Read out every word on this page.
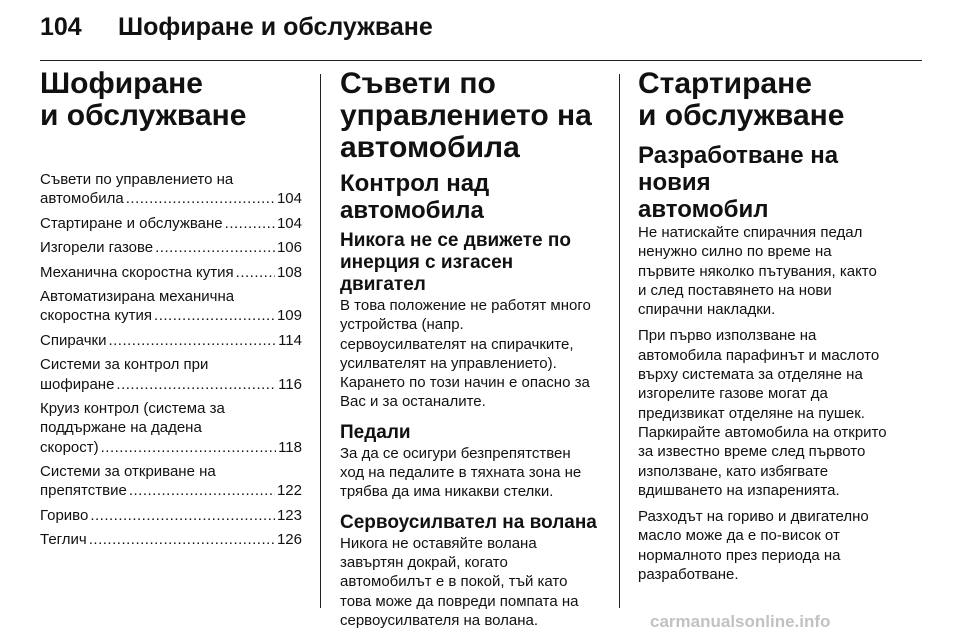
104	Шофиране и обслужване
Шофиране
и обслужване
Съвети по управлението на
автомобила .....	104
Стартиране и обслужване .....	104
Изгорели газове .....	106
Механична скоростна кутия .....	108
Автоматизирана механична
скоростна кутия .....	109
Спирачки .....	114
Системи за контрол при
шофиране .....	116
Круиз контрол (система за
поддържане на дадена
скорост) .....	118
Системи за откриване на
препятствие .....	122
Гориво .....	123
Теглич .....	126
Съвети по
управлението на
автомобила
Контрол над автомобила
Никога не се движете по
инерция с изгасен двигател

В това положение не работят много
устройства (напр.
сервоусилвателят на спирачките,
усилвателят на управлението).
Карането по този начин е опасно за
Вас и за останалите.

Педали

За да се осигури безпрепятствен
ход на педалите в тяхната зона не
трябва да има никакви стелки.

Сервоусилвател на волана

Никога не оставяйте волана
завъртян докрай, когато
автомобилът е в покой, тъй като
това може да повреди помпата на
сервоусилвателя на волана.

Стартиране
и обслужване
Разработване на новия
автомобил

Не натискайте спирачния педал
ненужно силно по време на
първите няколко пътувания, както
и след поставянето на нови
спирачни накладки.

При първо използване на
автомобила парафинът и маслото
върху системата за отделяне на
изгорелите газове могат да
предизвикат отделяне на пушек.
Паркирайте автомобила на открито
за известно време след първото
използване, като избягвате
вдишването на изпаренията.

Разходът на гориво и двигателно
масло може да е по-висок от
нормалното през периода на
разработване.

carmanualsonline.info
